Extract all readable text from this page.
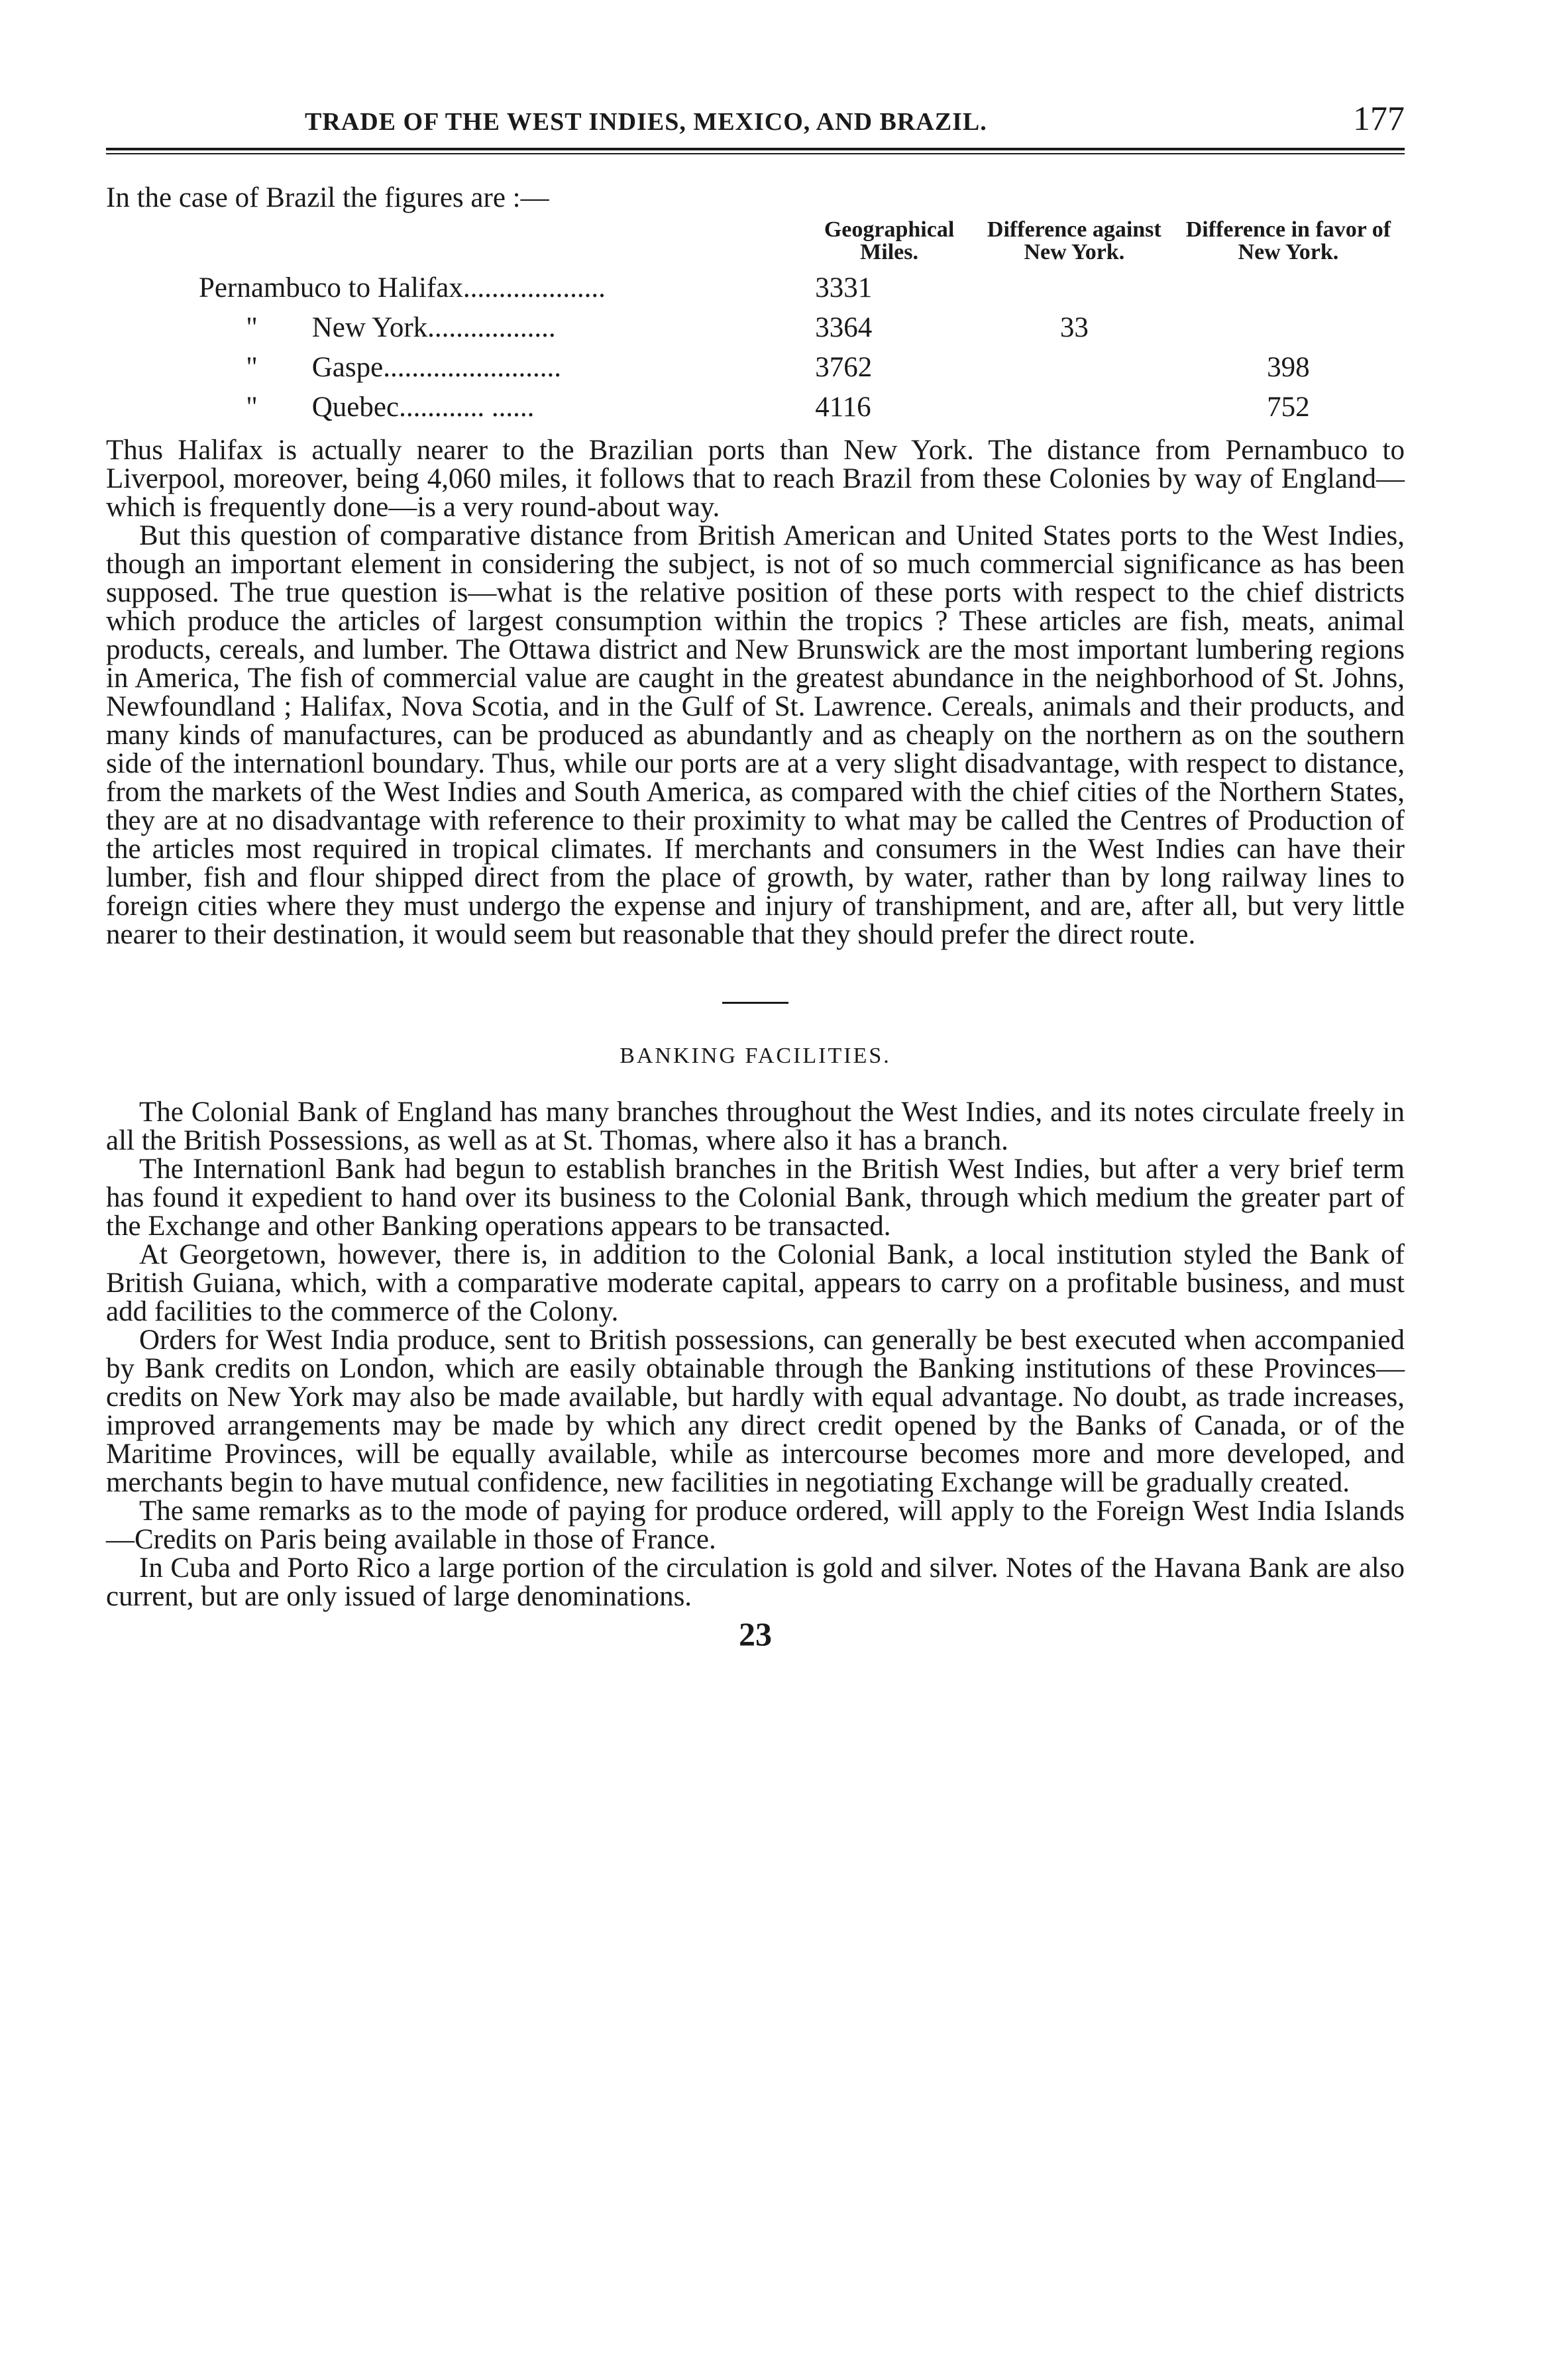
TRADE OF THE WEST INDIES, MEXICO, AND BRAZIL.	177
In the case of Brazil the figures are :—
	Geographical Miles.	Difference against New York.	Difference in favor of New York.
Pernambuco to Halifax....................	3331		
" New York..................	3364	33	
" Gaspe.........................	3762		398
" Quebec............ ......	4116		752

Thus Halifax is actually nearer to the Brazilian ports than New York. The distance from Pernambuco to Liverpool, moreover, being 4,060 miles, it follows that to reach Brazil from these Colonies by way of England—which is frequently done—is a very round-about way.

But this question of comparative distance from British American and United States ports to the West Indies, though an important element in considering the subject, is not of so much commercial significance as has been supposed. The true question is—what is the relative position of these ports with respect to the chief districts which produce the articles of largest consumption within the tropics ? These articles are fish, meats, animal products, cereals, and lumber. The Ottawa district and New Brunswick are the most important lumbering regions in America, The fish of commercial value are caught in the greatest abundance in the neighborhood of St. Johns, Newfoundland ; Halifax, Nova Scotia, and in the Gulf of St. Lawrence. Cereals, animals and their products, and many kinds of manufactures, can be produced as abundantly and as cheaply on the northern as on the southern side of the internationl boundary. Thus, while our ports are at a very slight disadvantage, with respect to distance, from the markets of the West Indies and South America, as compared with the chief cities of the Northern States, they are at no disadvantage with reference to their proximity to what may be called the Centres of Production of the articles most required in tropical climates. If merchants and consumers in the West Indies can have their lumber, fish and flour shipped direct from the place of growth, by water, rather than by long railway lines to foreign cities where they must undergo the expense and injury of transhipment, and are, after all, but very little nearer to their destination, it would seem but reasonable that they should prefer the direct route.

BANKING FACILITIES.

The Colonial Bank of England has many branches throughout the West Indies, and its notes circulate freely in all the British Possessions, as well as at St. Thomas, where also it has a branch.

The Internationl Bank had begun to establish branches in the British West Indies, but after a very brief term has found it expedient to hand over its business to the Colonial Bank, through which medium the greater part of the Exchange and other Banking operations appears to be transacted.

At Georgetown, however, there is, in addition to the Colonial Bank, a local institution styled the Bank of British Guiana, which, with a comparative moderate capital, appears to carry on a profitable business, and must add facilities to the commerce of the Colony.

Orders for West India produce, sent to British possessions, can generally be best executed when accompanied by Bank credits on London, which are easily obtainable through the Banking institutions of these Provinces—credits on New York may also be made available, but hardly with equal advantage. No doubt, as trade increases, improved arrangements may be made by which any direct credit opened by the Banks of Canada, or of the Maritime Provinces, will be equally available, while as intercourse becomes more and more developed, and merchants begin to have mutual confidence, new facilities in negotiating Exchange will be gradually created.

The same remarks as to the mode of paying for produce ordered, will apply to the Foreign West India Islands—Credits on Paris being available in those of France.

In Cuba and Porto Rico a large portion of the circulation is gold and silver. Notes of the Havana Bank are also current, but are only issued of large denominations.

23
